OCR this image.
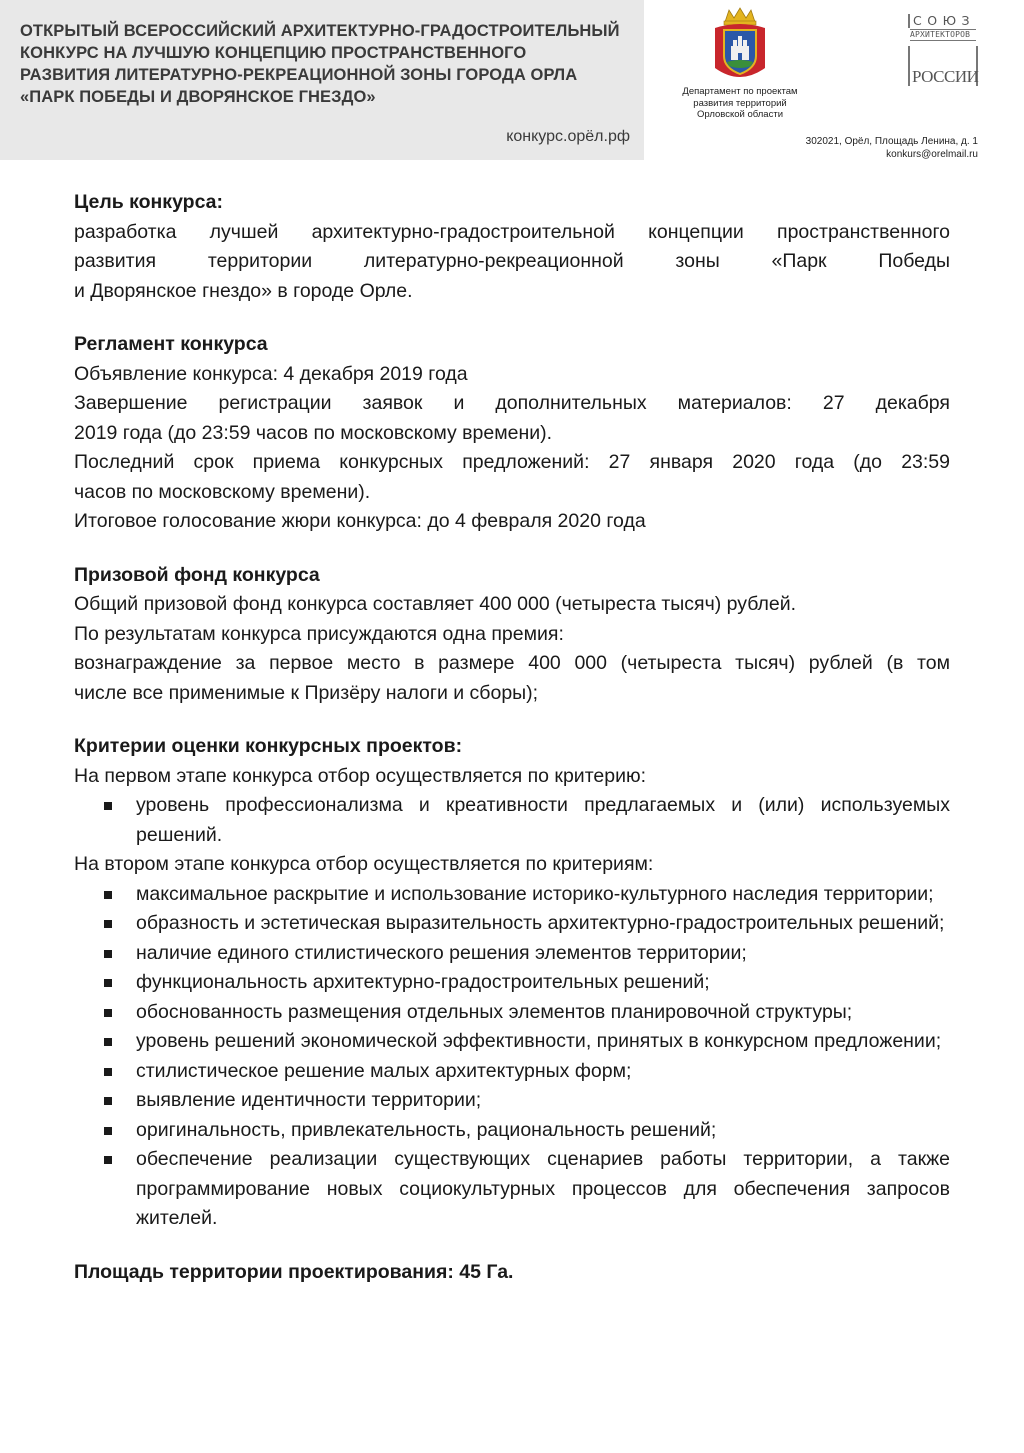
ОТКРЫТЫЙ ВСЕРОССИЙСКИЙ АРХИТЕКТУРНО-ГРАДОСТРОИТЕЛЬНЫЙ
КОНКУРС НА ЛУЧШУЮ КОНЦЕПЦИЮ ПРОСТРАНСТВЕННОГО
РАЗВИТИЯ ЛИТЕРАТУРНО-РЕКРЕАЦИОННОЙ ЗОНЫ ГОРОДА ОРЛА
«ПАРК ПОБЕДЫ И ДВОРЯНСКОЕ ГНЕЗДО»
конкурс.орёл.рф
Департамент по проектам
развития территорий
Орловской области
СОЮЗ
АРХИТЕКТОРОВ
РОССИИ
302021, Орёл, Площадь Ленина, д. 1
konkurs@orelmail.ru

Цель конкурса:

разработка лучшей архитектурно-градостроительной концепции пространственного

развития территории литературно-рекреационной зоны «Парк Победы

и Дворянское гнездо» в городе Орле.

Регламент конкурса

Объявление конкурса: 4 декабря 2019 года

Завершение регистрации заявок и дополнительных материалов: 27 декабря

2019 года (до 23:59 часов по московскому времени).

Последний срок приема конкурсных предложений: 27 января 2020 года (до 23:59

часов по московскому времени).

Итоговое голосование жюри конкурса: до 4 февраля 2020 года

Призовой фонд конкурса

Общий призовой фонд конкурса составляет 400 000 (четыреста тысяч) рублей.

По результатам конкурса присуждаются одна премия:

вознаграждение за первое место в размере 400 000 (четыреста тысяч) рублей (в том

числе все применимые к Призёру налоги и сборы);

Критерии оценки конкурсных проектов:

На первом этапе конкурса отбор осуществляется по критерию:

уровень профессионализма и креативности предлагаемых и (или) используемых решений.

На втором этапе конкурса отбор осуществляется по критериям:

максимальное раскрытие и использование историко-культурного наследия территории;
образность и эстетическая выразительность архитектурно-градостроительных решений;
наличие единого стилистического решения элементов территории;
функциональность архитектурно-градостроительных решений;
обоснованность размещения отдельных элементов планировочной структуры;
уровень решений экономической эффективности, принятых в конкурсном предложении;
стилистическое решение малых архитектурных форм;
выявление идентичности территории;
оригинальность, привлекательность, рациональность решений;
обеспечение реализации существующих сценариев работы территории, а также программирование новых социокультурных процессов для обеспечения запросов жителей.

Площадь территории проектирования: 45 Га.
